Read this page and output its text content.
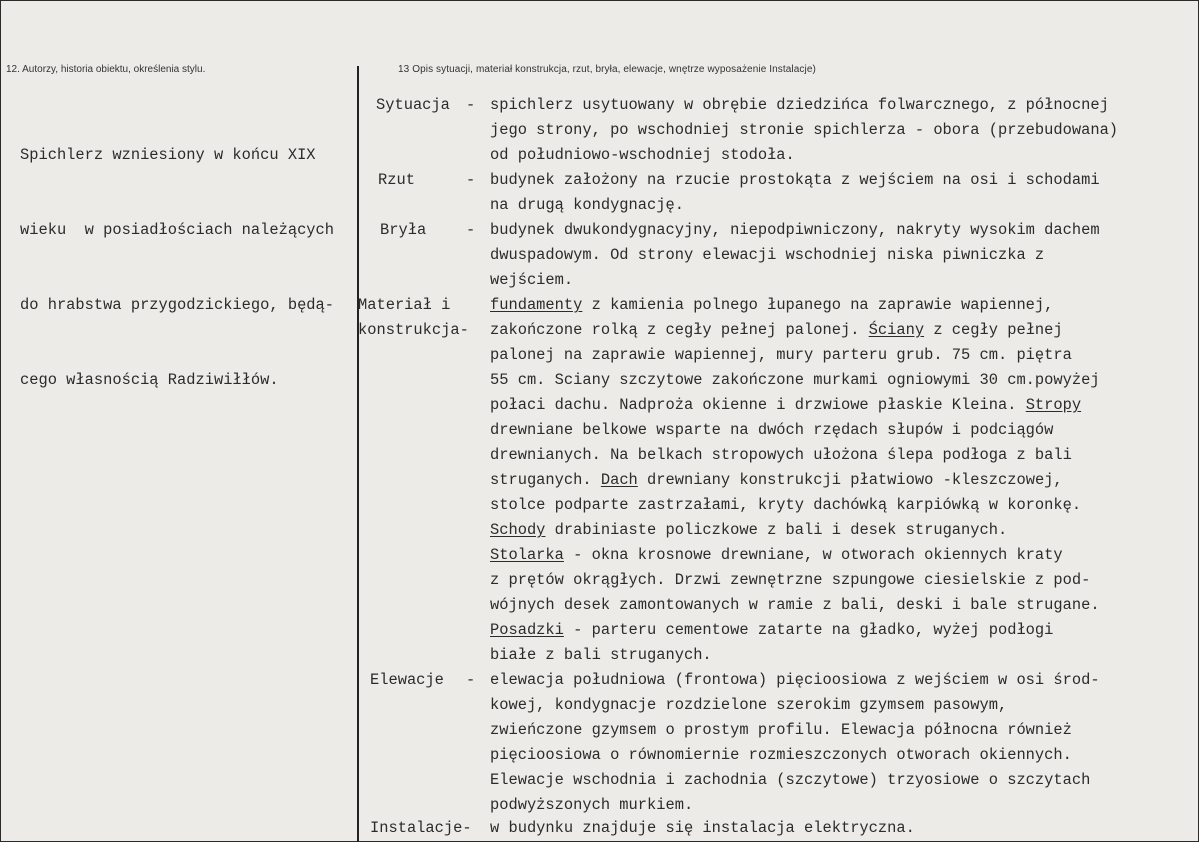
12. Autorzy, historia obiektu, określenia stylu.	13 Opis sytuacji, materiał konstrukcja, rzut, bryła, elewacje, wnętrze wyposażenie Instalacje)

Spichlerz wzniesiony w końcu XIX

wieku  w posiadłościach należących

do hrabstwa przygodzickiego, będą-

cego własnością Radziwiłłów.

Sytuacja - spichlerz usytuowany w obrębie dziedzińca folwarcznego, z północnej
jego strony, po wschodniej stronie spichlerza - obora (przebudowana)
od południowo-wschodniej stodoła.
Rzut	- budynek założony na rzucie prostokąta z wejściem na osi i schodami
na drugą kondygnację.
Bryła	- budynek dwukondygnacyjny, niepodpiwniczony, nakryty wysokim dachem
dwuspadowym. Od strony elewacji wschodniej niska piwniczka z
wejściem.
Materiał i
konstrukcja-
fundamenty z kamienia polnego łupanego na zaprawie wapiennej,
zakończone rolką z cegły pełnej palonej. Ściany z cegły pełnej
palonej na zaprawie wapiennej, mury parteru grub. 75 cm. piętra
55 cm. Sciany szczytowe zakończone murkami ogniowymi 30 cm.powyżej
połaci dachu. Nadproża okienne i drzwiowe płaskie Kleina. Stropy
drewniane belkowe wsparte na dwóch rzędach słupów i podciągów
drewnianych. Na belkach stropowych ułożona ślepa podłoga z bali
struganych. Dach drewniany konstrukcji płatwiowo -kleszczowej,
stolce podparte zastrzałami, kryty dachówką karpiówką w koronkę.
Schody drabiniaste policzkowe z bali i desek struganych.
Stolarka - okna krosnowe drewniane, w otworach okiennych kraty
z prętów okrągłych. Drzwi zewnętrzne szpungowe ciesielskie z pod-
wójnych desek zamontowanych w ramie z bali, deski i bale strugane.
Posadzki - parteru cementowe zatarte na gładko, wyżej podłogi
białe z bali struganych.
Elewacje - elewacja południowa (frontowa) pięcioosiowa z wejściem w osi środ-
kowej, kondygnacje rozdzielone szerokim gzymsem pasowym,
zwieńczone gzymsem o prostym profilu. Elewacja północna również
pięcioosiowa o równomiernie rozmieszczonych otworach okiennych.
Elewacje wschodnia i zachodnia (szczytowe) trzyosiowe o szczytach
podwyższonych murkiem.
Instalacje- w budynku znajduje się instalacja elektryczna.
